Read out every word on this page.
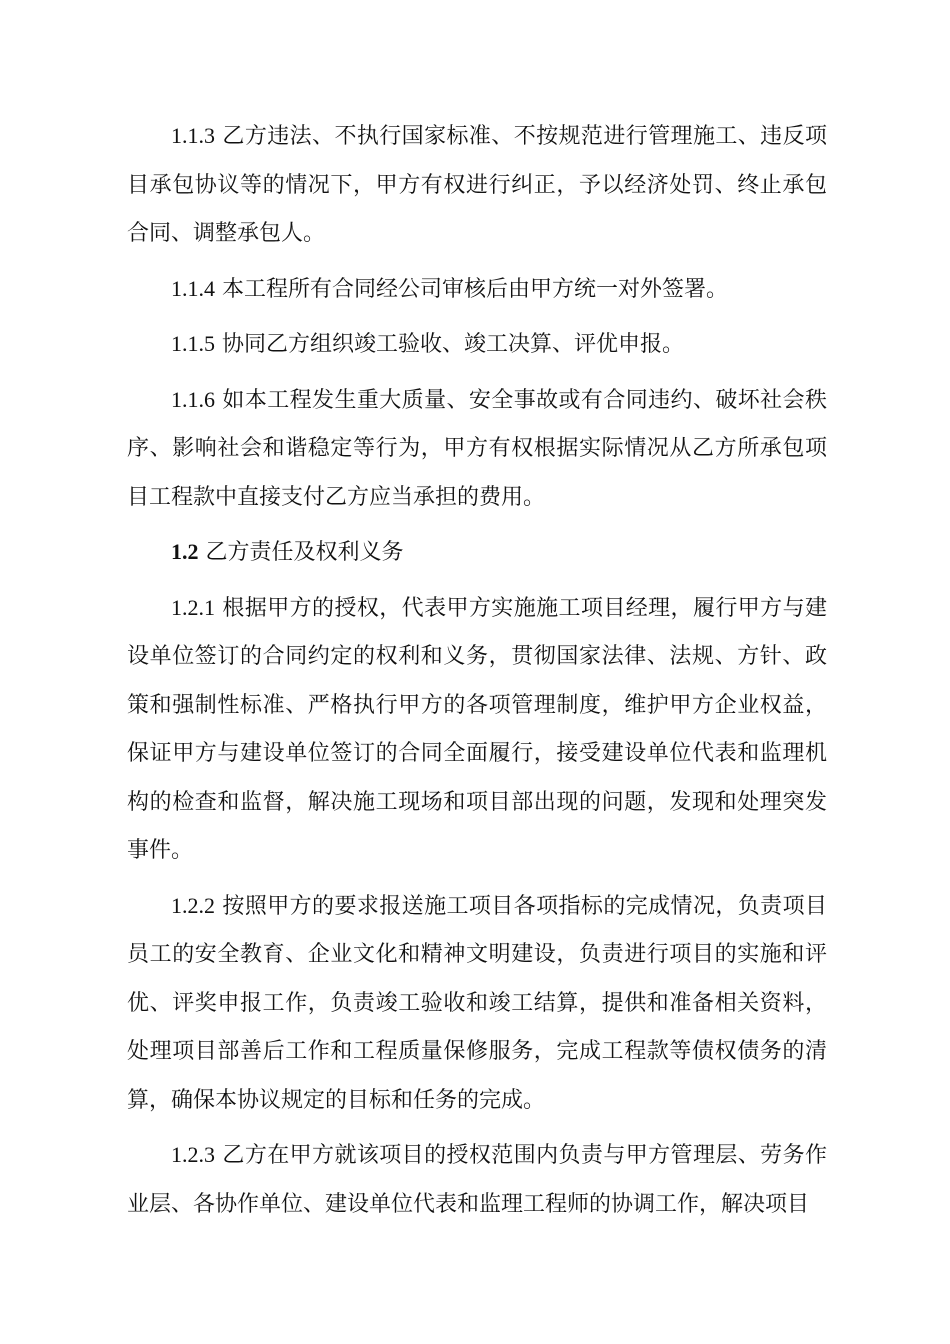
1.1.3 乙方违法、不执行国家标准、不按规范进行管理施工、违反项目承包协议等的情况下，甲方有权进行纠正，予以经济处罚、终止承包合同、调整承包人。

1.1.4 本工程所有合同经公司审核后由甲方统一对外签署。

1.1.5 协同乙方组织竣工验收、竣工决算、评优申报。

1.1.6 如本工程发生重大质量、安全事故或有合同违约、破坏社会秩序、影响社会和谐稳定等行为，甲方有权根据实际情况从乙方所承包项目工程款中直接支付乙方应当承担的费用。

1.2 乙方责任及权利义务

1.2.1 根据甲方的授权，代表甲方实施施工项目经理，履行甲方与建设单位签订的合同约定的权利和义务，贯彻国家法律、法规、方针、政策和强制性标准、严格执行甲方的各项管理制度，维护甲方企业权益，保证甲方与建设单位签订的合同全面履行，接受建设单位代表和监理机构的检查和监督，解决施工现场和项目部出现的问题，发现和处理突发事件。

1.2.2 按照甲方的要求报送施工项目各项指标的完成情况，负责项目员工的安全教育、企业文化和精神文明建设，负责进行项目的实施和评优、评奖申报工作，负责竣工验收和竣工结算，提供和准备相关资料，处理项目部善后工作和工程质量保修服务，完成工程款等债权债务的清算，确保本协议规定的目标和任务的完成。

1.2.3 乙方在甲方就该项目的授权范围内负责与甲方管理层、劳务作业层、各协作单位、建设单位代表和监理工程师的协调工作，解决项目
